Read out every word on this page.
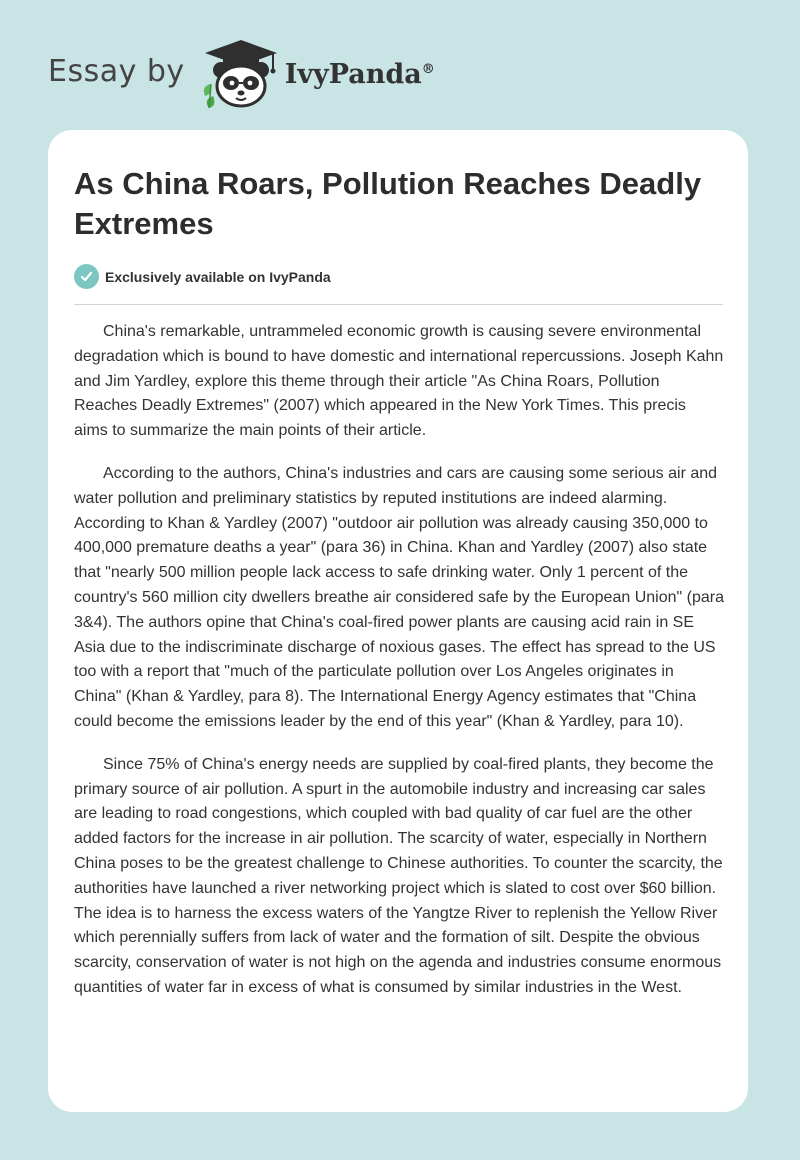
Essay by	IvyPanda®
As China Roars, Pollution Reaches Deadly Extremes
Exclusively available on IvyPanda

China's remarkable, untrammeled economic growth is causing severe environmental degradation which is bound to have domestic and international repercussions. Joseph Kahn and Jim Yardley, explore this theme through their article "As China Roars, Pollution Reaches Deadly Extremes" (2007) which appeared in the New York Times. This precis aims to summarize the main points of their article.

According to the authors, China's industries and cars are causing some serious air and water pollution and preliminary statistics by reputed institutions are indeed alarming. According to Khan & Yardley (2007) "outdoor air pollution was already causing 350,000 to 400,000 premature deaths a year" (para 36) in China. Khan and Yardley (2007) also state that "nearly 500 million people lack access to safe drinking water. Only 1 percent of the country's 560 million city dwellers breathe air considered safe by the European Union" (para 3&4). The authors opine that China's coal-fired power plants are causing acid rain in SE Asia due to the indiscriminate discharge of noxious gases. The effect has spread to the US too with a report that "much of the particulate pollution over Los Angeles originates in China" (Khan & Yardley, para 8). The International Energy Agency estimates that "China could become the emissions leader by the end of this year" (Khan & Yardley, para 10).

Since 75% of China's energy needs are supplied by coal-fired plants, they become the primary source of air pollution. A spurt in the automobile industry and increasing car sales are leading to road congestions, which coupled with bad quality of car fuel are the other added factors for the increase in air pollution. The scarcity of water, especially in Northern China poses to be the greatest challenge to Chinese authorities. To counter the scarcity, the authorities have launched a river networking project which is slated to cost over $60 billion. The idea is to harness the excess waters of the Yangtze River to replenish the Yellow River which perennially suffers from lack of water and the formation of silt. Despite the obvious scarcity, conservation of water is not high on the agenda and industries consume enormous quantities of water far in excess of what is consumed by similar industries in the West.
